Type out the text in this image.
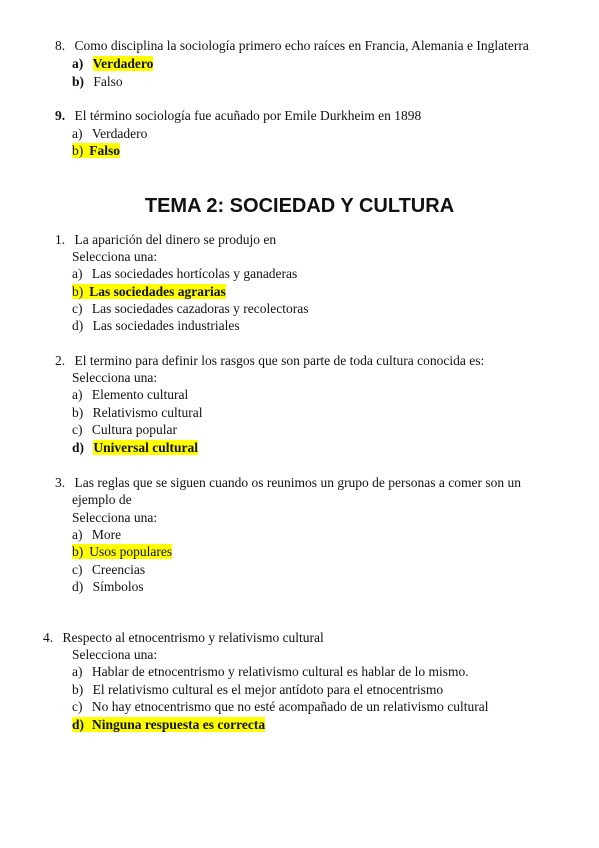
8. Como disciplina la sociología primero echo raíces en Francia, Alemania e Inglaterra
a) Verdadero
b) Falso
9. El término sociología fue acuñado por Emile Durkheim en 1898
a) Verdadero
b) Falso
TEMA 2: SOCIEDAD Y CULTURA
1. La aparición del dinero se produjo en
Selecciona una:
a) Las sociedades hortícolas y ganaderas
b) Las sociedades agrarias
c) Las sociedades cazadoras y recolectoras
d) Las sociedades industriales
2. El termino para definir los rasgos que son parte de toda cultura conocida es:
Selecciona una:
a) Elemento cultural
b) Relativismo cultural
c) Cultura popular
d) Universal cultural
3. Las reglas que se siguen cuando os reunimos un grupo de personas a comer son un
ejemplo de
Selecciona una:
a) More
b) Usos populares
c) Creencias
d) Símbolos
4. Respecto al etnocentrismo y relativismo cultural
Selecciona una:
a) Hablar de etnocentrismo y relativismo cultural es hablar de lo mismo.
b) El relativismo cultural es el mejor antídoto para el etnocentrismo
c) No hay etnocentrismo que no esté acompañado de un relativismo cultural
d) Ninguna respuesta es correcta
